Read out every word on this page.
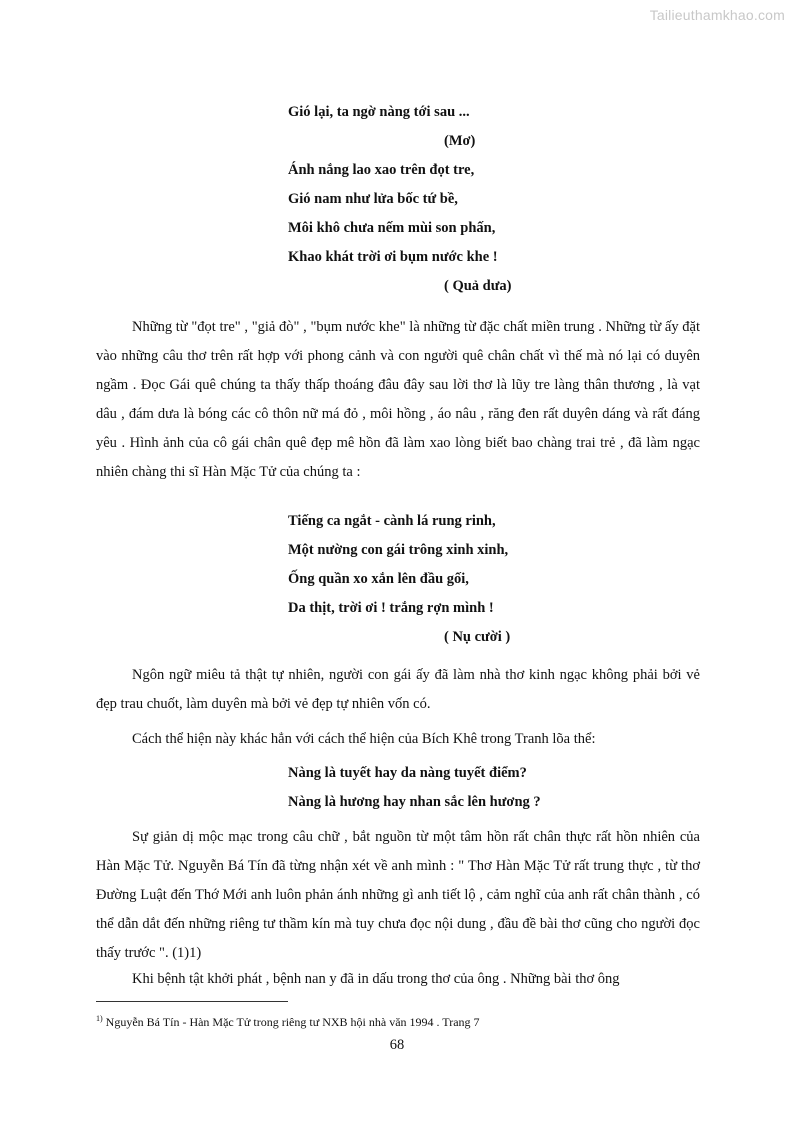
Tailieuthamkhao.com
Gió lại, ta ngờ nàng tới sau ...
(Mơ)
Ánh nắng lao xao trên đọt tre,
Gió nam như lửa bốc tứ bề,
Môi khô chưa nếm mùi son phấn,
Khao khát trời ơi bụm nước khe !
( Quả dưa)
Những từ "đọt tre" , "giả đò" , "bụm nước khe" là những từ đặc chất miền trung . Những từ ấy đặt vào những câu thơ trên rất hợp với phong cảnh và con người quê chân chất vì thế mà nó lại có duyên ngầm . Đọc Gái quê chúng ta thấy thấp thoáng đâu đây sau lời thơ là lũy tre làng thân thương , là vạt dâu , đám dưa là bóng các cô thôn nữ má đỏ , môi hồng , áo nâu , răng đen rất duyên dáng và rất đáng yêu . Hình ảnh của cô gái chân quê đẹp mê hồn đã làm xao lòng biết bao chàng trai trẻ , đã làm ngạc nhiên chàng thi sĩ Hàn Mặc Tử của chúng ta :
Tiếng ca ngắt - cành lá rung rinh,
Một nường con gái trông xinh xinh,
Ống quần xo xắn lên đầu gối,
Da thịt, trời ơi ! trắng rợn mình !
( Nụ cười )
Ngôn ngữ miêu tả thật tự nhiên, người con gái ấy đã làm nhà thơ kinh ngạc không phải bởi vẻ đẹp trau chuốt, làm duyên mà bởi vẻ đẹp tự nhiên vốn có.
Cách thể hiện này khác hẳn với cách thể hiện của Bích Khê trong Tranh lõa thể:
Nàng là tuyết hay da nàng tuyết điểm?
Nàng là hương hay nhan sắc lên hương ?
Sự giản dị mộc mạc trong câu chữ , bắt nguồn từ một tâm hồn rất chân thực rất hồn nhiên của Hàn Mặc Tử. Nguyễn Bá Tín đã từng nhận xét về anh mình : " Thơ Hàn Mặc Tử rất trung thực , từ thơ Đường Luật đến Thớ Mới anh luôn phản ánh những gì anh tiết lộ , cảm nghĩ của anh rất chân thành , có thể dẫn dắt đến những riêng tư thầm kín mà tuy chưa đọc nội dung , đầu đề bài thơ cũng cho người đọc thấy trước ". (1)1)
Khi bệnh tật khởi phát , bệnh nan y đã in dấu trong thơ của ông . Những bài thơ ông
$^{1)}$ Nguyễn Bá Tín - Hàn Mặc Tử trong riêng tư NXB hội nhà văn 1994 . Trang 7
68
